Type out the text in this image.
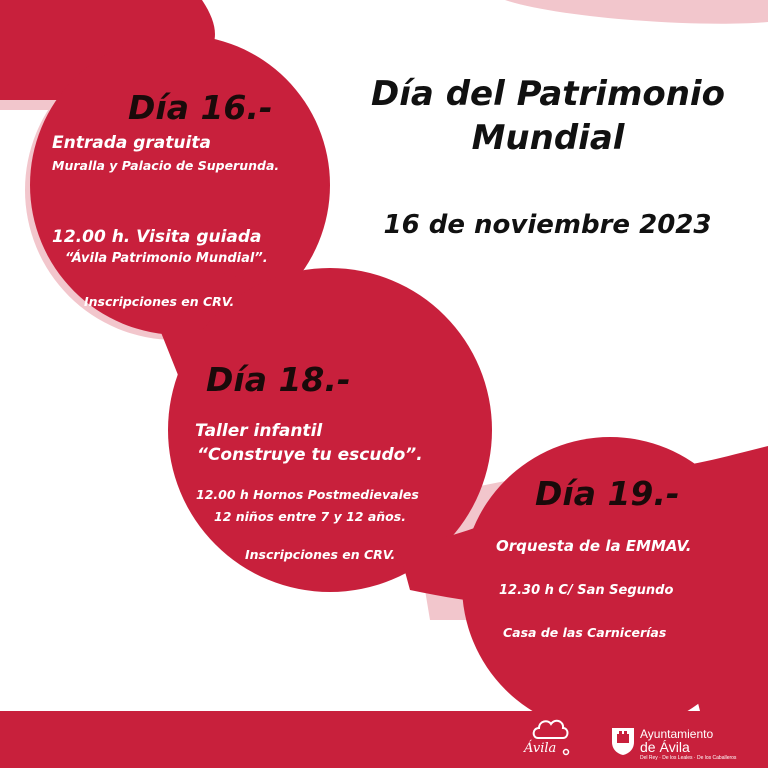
Día del Patrimonio

Mundial

16 de noviembre 2023

Día 16.-

Entrada gratuita

Muralla y Palacio de Superunda.

12.00 h. Visita guiada

“Ávila Patrimonio Mundial”.

Inscripciones en CRV.

Día 18.-

Taller infantil

“Construye tu escudo”.

12.00 h Hornos Postmedievales

12 niños entre 7 y 12 años.

Inscripciones en CRV.

Día 19.-

Orquesta de la EMMAV.

12.30 h C/ San Segundo

Casa de las Carnicerías

Ávila
Ayuntamiento
de Ávila
Del Rey · De los Leales · De los Caballeros
